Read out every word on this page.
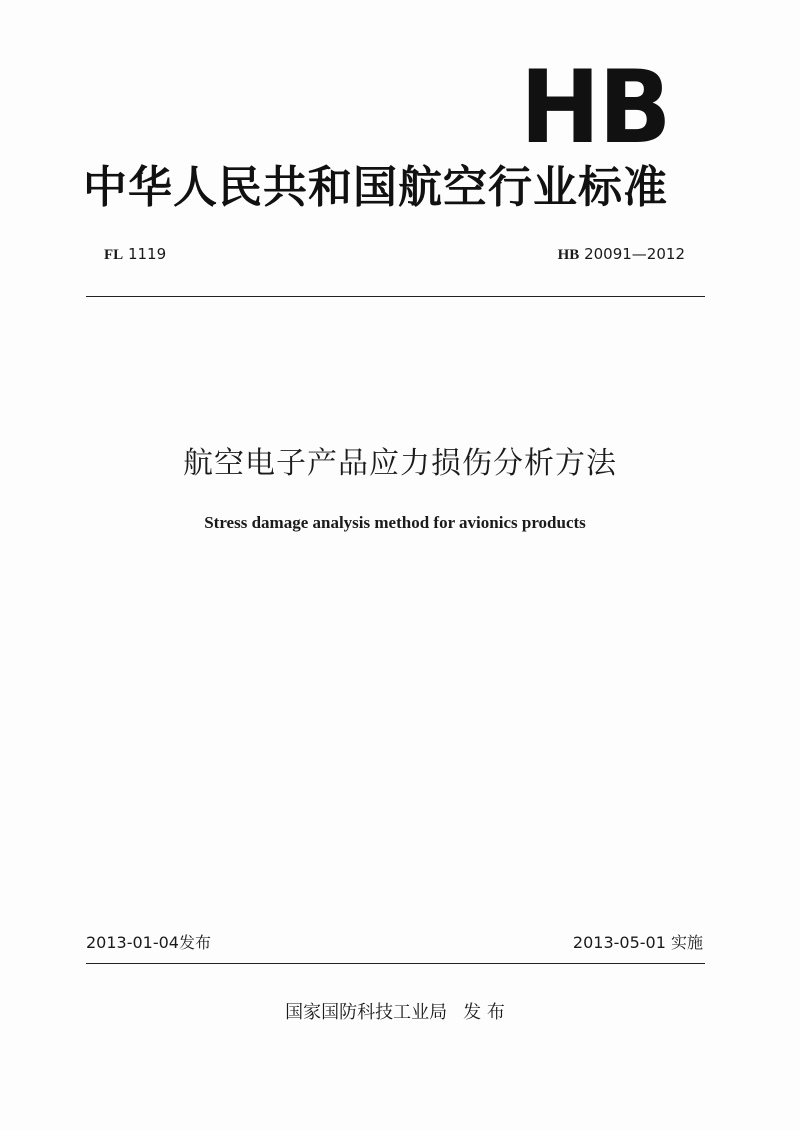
HB
中华人民共和国航空行业标准
FL 1119	HB 20091—2012
航空电子产品应力损伤分析方法
Stress damage analysis method for avionics products
2013-01-04发布	2013-05-01 实施
国家国防科技工业局 发 布
